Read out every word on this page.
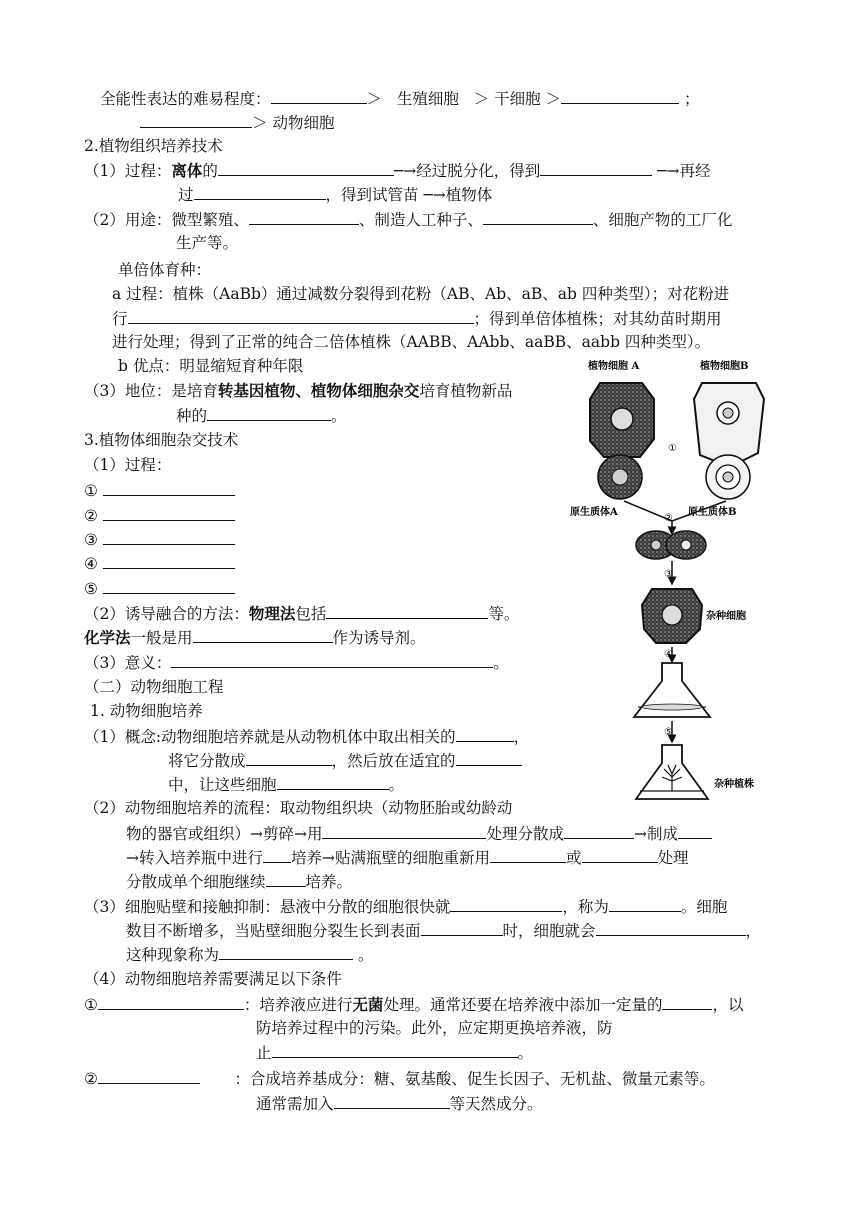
全能性表达的难易程度：	＞ 生殖细胞 ＞ 干细胞 ＞	；
＞ 动物细胞
2.植物组织培养技术
（1）过程：离体的	─→经过脱分化，得到	─→再经
过	，得到试管苗 ─→植物体
（2）用途：微型繁殖、	、制造人工种子、	、细胞产物的工厂化
生产等。
单倍体育种：
a 过程：植株（AaBb）通过减数分裂得到花粉（AB、Ab、aB、ab 四种类型）；对花粉进
行	；得到单倍体植株；对其幼苗时期用
进行处理；得到了正常的纯合二倍体植株（AABB、AAbb、aaBB、aabb 四种类型）。
b 优点：明显缩短育种年限
（3）地位：是培育转基因植物、植物体细胞杂交培育植物新品
种的	。
3.植物体细胞杂交技术
（1）过程：
①
②
③
④
⑤
（2）诱导融合的方法：物理法包括	等。
化学法一般是用	作为诱导剂。
（3）意义：	。
（二）动物细胞工程
1. 动物细胞培养
（1）概念:动物细胞培养就是从动物机体中取出相关的	，
将它分散成	，然后放在适宜的
中，让这些细胞	。
（2）动物细胞培养的流程：取动物组织块（动物胚胎或幼龄动
物的器官或组织）→剪碎→用	处理分散成	→制成
→转入培养瓶中进行 培养→贴满瓶壁的细胞重新用	或	处理
分散成单个细胞继续	培养。
（3）细胞贴壁和接触抑制：悬液中分散的细胞很快就	，称为	。细胞
数目不断增多，当贴壁细胞分裂生长到表面	时，细胞就会	，
这种现象称为	。
（4）动物细胞培养需要满足以下条件
①	：培养液应进行无菌处理。通常还要在培养液中添加一定量的	，以
防培养过程中的污染。此外，应定期更换培养液，防
止	。
②	：合成培养基成分：糖、氨基酸、促生长因子、无机盐、微量元素等。
通常需加入	等天然成分。
植物细胞 A	植物细胞B
①
原生质体A	原生质体B
②
③
杂种细胞
④
⑤
杂种植株
